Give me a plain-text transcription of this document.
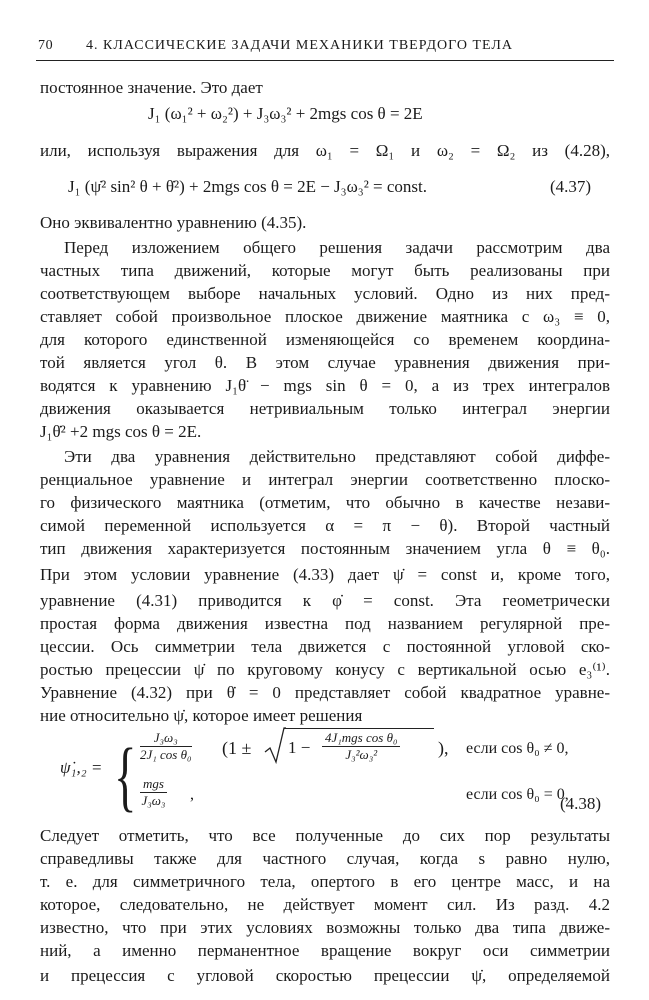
70 4. КЛАССИЧЕСКИЕ ЗАДАЧИ МЕХАНИКИ ТВЕРДОГО ТЕЛА
постоянное значение. Это дает
J₁ (ω₁² + ω₂²) + J₃ω₃² + 2mgs cos θ = 2E
или, используя выражения для ω₁ = Ω₁ и ω₂ = Ω₂ из (4.28),
J₁ (ψ̇² sin² θ + θ̇²) + 2mgs cos θ = 2E − J₃ω₃² = const.	(4.37)
Оно эквивалентно уравнению (4.35).
Перед изложением общего решения задачи рассмотрим два
частных типа движений, которые могут быть реализованы при
соответствующем выборе начальных условий. Одно из них пред-
ставляет собой произвольное плоское движение маятника с ω₃ ≡ 0,
для которого единственной изменяющейся со временем координа-
той является угол θ. В этом случае уравнения движения при-
водятся к уравнению J₁θ̈ − mgs sin θ = 0, а из трех интегралов
движения оказывается нетривиальным только интеграл энергии
J₁θ̇² +2 mgs cos θ = 2E.
Эти два уравнения действительно представляют собой диффе-
ренциальное уравнение и интеграл энергии соответственно плоско-
го физического маятника (отметим, что обычно в качестве незави-
симой переменной используется α = π − θ). Второй частный
тип движения характеризуется постоянным значением угла θ ≡ θ₀.
При этом условии уравнение (4.33) дает ψ̇ = const и, кроме того,
уравнение (4.31) приводится к φ̇ = const. Эта геометрически
простая форма движения известна под названием регулярной пре-
цессии. Ось симметрии тела движется с постоянной угловой ско-
ростью прецессии ψ̇ по круговому конусу с вертикальной осью e₃⁽¹⁾.
ψ̇₁,₂ = { $\frac{\text{J₃ω₃}}{\text{2J₁ cos θ₀}} (1 \pm 1$ −
4J₁mgs cos θ₀
J₃²ω₃²	), если cos θ₀ ≠ 0,
mgs
J₃ω₃ ,	если cos θ₀ = 0,
(4.38)
Следует отметить, что все полученные до сих пор результаты
справедливы также для частного случая, когда s равно нулю,
т. е. для симметричного тела, опертого в его центре масс, и на
которое, следовательно, не действует момент сил. Из разд. 4.2
известно, что при этих условиях возможны только два типа движе-
ний, а именно перманентное вращение вокруг оси симметрии
и прецессия с угловой скоростью прецессии ψ̇, определяемой
ние относительно ψ̇, которое имеет решения
Уравнение (4.32) при θ̇ = 0 представляет собой квадратное уравне-
